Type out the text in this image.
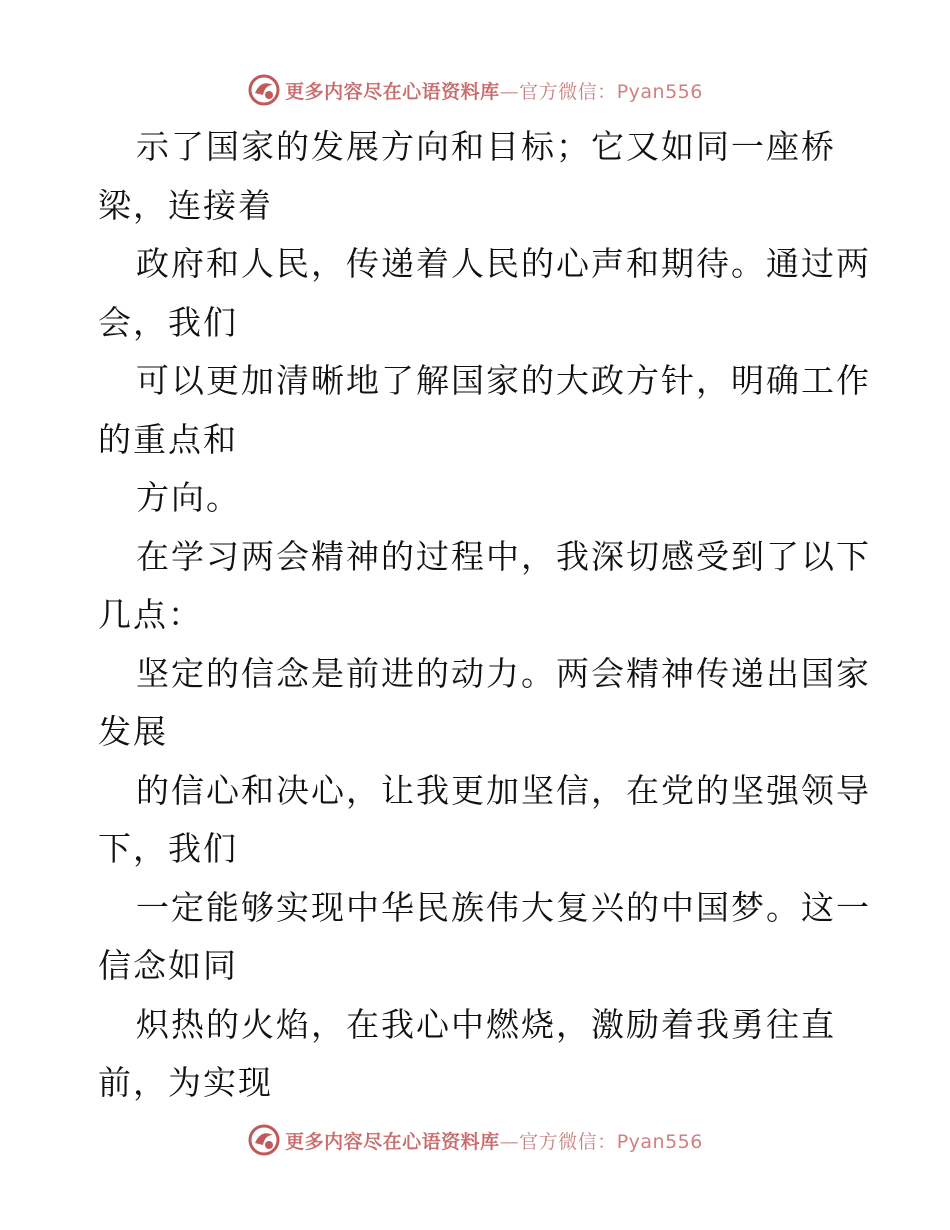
更多内容尽在心语资料库—官方微信：Pyan556
示了国家的发展方向和目标；它又如同一座桥
梁，连接着
政府和人民，传递着人民的心声和期待。通过两
会，我们
可以更加清晰地了解国家的大政方针，明确工作
的重点和
方向。
在学习两会精神的过程中，我深切感受到了以下
几点：
坚定的信念是前进的动力。两会精神传递出国家
发展
的信心和决心，让我更加坚信，在党的坚强领导
下，我们
一定能够实现中华民族伟大复兴的中国梦。这一
信念如同
炽热的火焰，在我心中燃烧，激励着我勇往直
前，为实现
更多内容尽在心语资料库—官方微信：Pyan556
